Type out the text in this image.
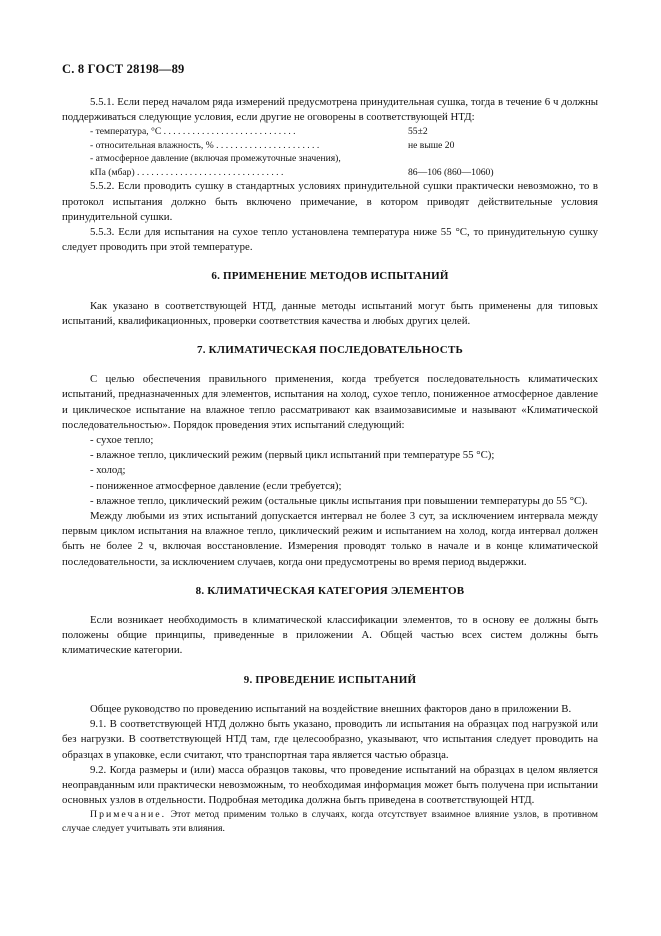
С. 8 ГОСТ 28198—89

5.5.1. Если перед началом ряда измерений предусмотрена принудительная сушка, тогда в течение 6 ч должны поддерживаться следующие условия, если другие не оговорены в соответствующей НТД:

- температура, °С . . . . . . . . . . . . . . . . . . . . . . . . . . . .	55±2
- относительная влажность, % . . . . . . . . . . . . . . . . . . . . . .	не выше 20
- атмосферное давление (включая промежуточные значения),
кПа (мбар) . . . . . . . . . . . . . . . . . . . . . . . . . . . . . . .	86—106 (860—1060)

5.5.2. Если проводить сушку в стандартных условиях принудительной сушки практически невозможно, то в протокол испытания должно быть включено примечание, в котором приводят действительные условия принудительной сушки.

5.5.3. Если для испытания на сухое тепло установлена температура ниже 55 °С, то принудительную сушку следует проводить при этой температуре.

6. ПРИМЕНЕНИЕ МЕТОДОВ ИСПЫТАНИЙ

Как указано в соответствующей НТД, данные методы испытаний могут быть применены для типовых испытаний, квалификационных, проверки соответствия качества и любых других целей.

7. КЛИМАТИЧЕСКАЯ ПОСЛЕДОВАТЕЛЬНОСТЬ

С целью обеспечения правильного применения, когда требуется последовательность климатических испытаний, предназначенных для элементов, испытания на холод, сухое тепло, пониженное атмосферное давление и циклическое испытание на влажное тепло рассматривают как взаимозависимые и называют «Климатической последовательностью». Порядок проведения этих испытаний следующий:

- сухое тепло;

- влажное тепло, циклический режим (первый цикл испытаний при температуре 55 °С);

- холод;

- пониженное атмосферное давление (если требуется);

- влажное тепло, циклический режим (остальные циклы испытания при повышении температуры до 55 °С).

Между любыми из этих испытаний допускается интервал не более 3 сут, за исключением интервала между первым циклом испытания на влажное тепло, циклический режим и испытанием на холод, когда интервал должен быть не более 2 ч, включая восстановление. Измерения проводят только в начале и в конце климатической последовательности, за исключением случаев, когда они предусмотрены во время период выдержки.

8. КЛИМАТИЧЕСКАЯ КАТЕГОРИЯ ЭЛЕМЕНТОВ

Если возникает необходимость в климатической классификации элементов, то в основу ее должны быть положены общие принципы, приведенные в приложении А. Общей частью всех систем должны быть климатические категории.

9. ПРОВЕДЕНИЕ ИСПЫТАНИЙ

Общее руководство по проведению испытаний на воздействие внешних факторов дано в приложении В.

9.1. В соответствующей НТД должно быть указано, проводить ли испытания на образцах под нагрузкой или без нагрузки. В соответствующей НТД там, где целесообразно, указывают, что испытания следует проводить на образцах в упаковке, если считают, что транспортная тара является частью образца.

9.2. Когда размеры и (или) масса образцов таковы, что проведение испытаний на образцах в целом является неоправданным или практически невозможным, то необходимая информация может быть получена при испытании основных узлов в отдельности. Подробная методика должна быть приведена в соответствующей НТД.

Примечание. Этот метод применим только в случаях, когда отсутствует взаимное влияние узлов, в противном случае следует учитывать эти влияния.
